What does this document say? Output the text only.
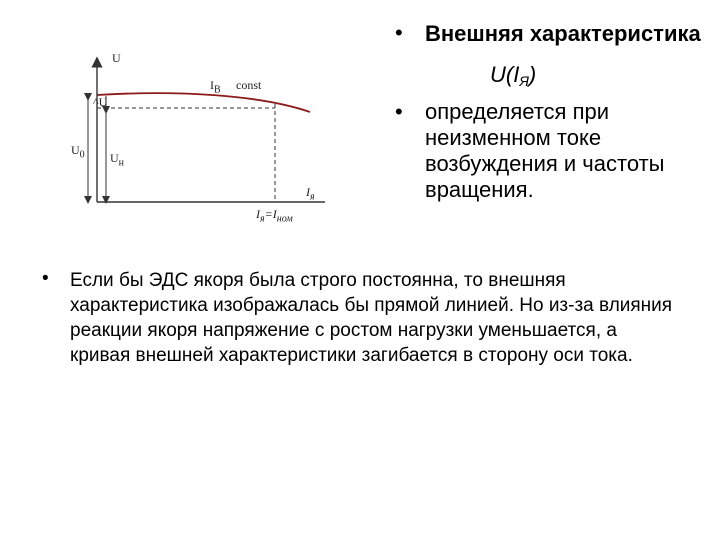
U
$I_B$ const
^U
$U_0$ $U_н$
$I_я$
$I_я=I_{ном}$
• Внешняя характеристика
$U(I_Я)$
• определяется при неизменном токе возбуждения и частоты вращения.
•	Если бы ЭДС якоря была строго постоянна, то внешняя характеристика изображалась бы прямой линией. Но из-за влияния реакции якоря напряжение с ростом нагрузки уменьшается, а кривая внешней характеристики загибается в сторону оси тока.
